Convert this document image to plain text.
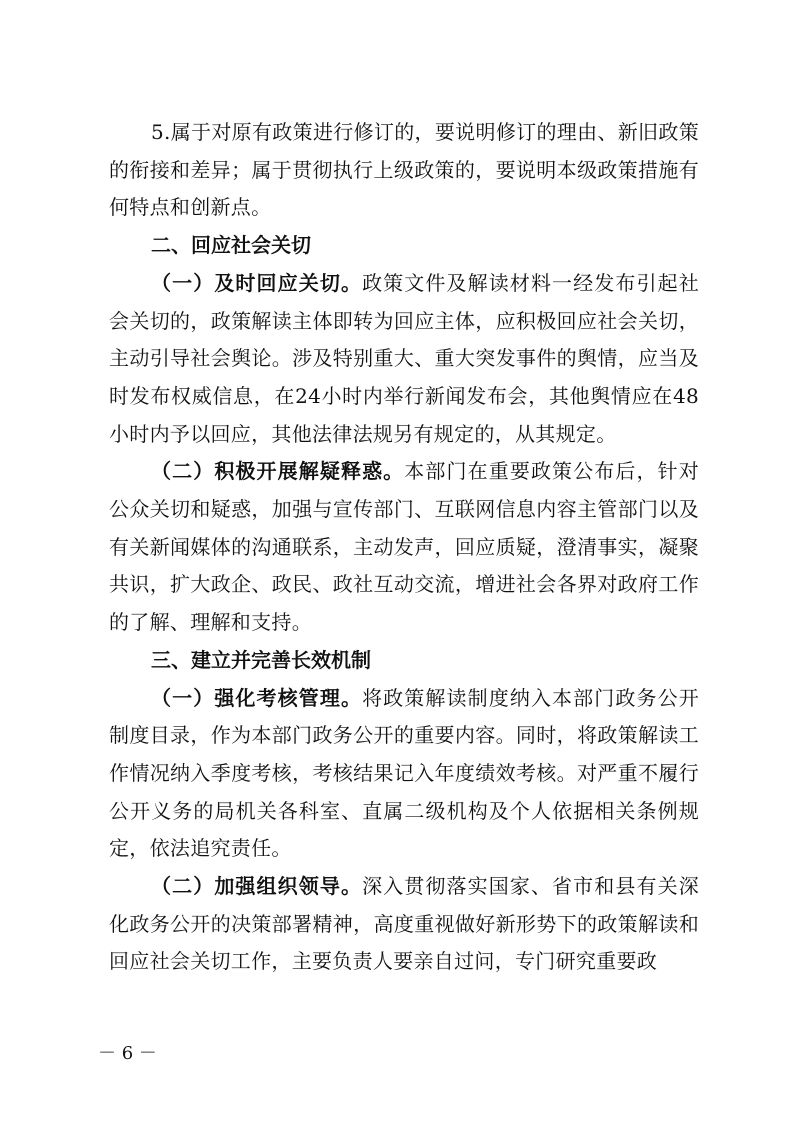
5.属于对原有政策进行修订的，要说明修订的理由、新旧政策的衔接和差异；属于贯彻执行上级政策的，要说明本级政策措施有何特点和创新点。

二、回应社会关切

（一）及时回应关切。政策文件及解读材料一经发布引起社会关切的，政策解读主体即转为回应主体，应积极回应社会关切，主动引导社会舆论。涉及特别重大、重大突发事件的舆情，应当及时发布权威信息，在24小时内举行新闻发布会，其他舆情应在48小时内予以回应，其他法律法规另有规定的，从其规定。

（二）积极开展解疑释惑。本部门在重要政策公布后，针对公众关切和疑惑，加强与宣传部门、互联网信息内容主管部门以及有关新闻媒体的沟通联系，主动发声，回应质疑，澄清事实，凝聚共识，扩大政企、政民、政社互动交流，增进社会各界对政府工作的了解、理解和支持。

三、建立并完善长效机制

（一）强化考核管理。将政策解读制度纳入本部门政务公开制度目录，作为本部门政务公开的重要内容。同时，将政策解读工作情况纳入季度考核，考核结果记入年度绩效考核。对严重不履行公开义务的局机关各科室、直属二级机构及个人依据相关条例规定，依法追究责任。

（二）加强组织领导。深入贯彻落实国家、省市和县有关深化政务公开的决策部署精神，高度重视做好新形势下的政策解读和回应社会关切工作，主要负责人要亲自过问，专门研究重要政

－ 6 －
